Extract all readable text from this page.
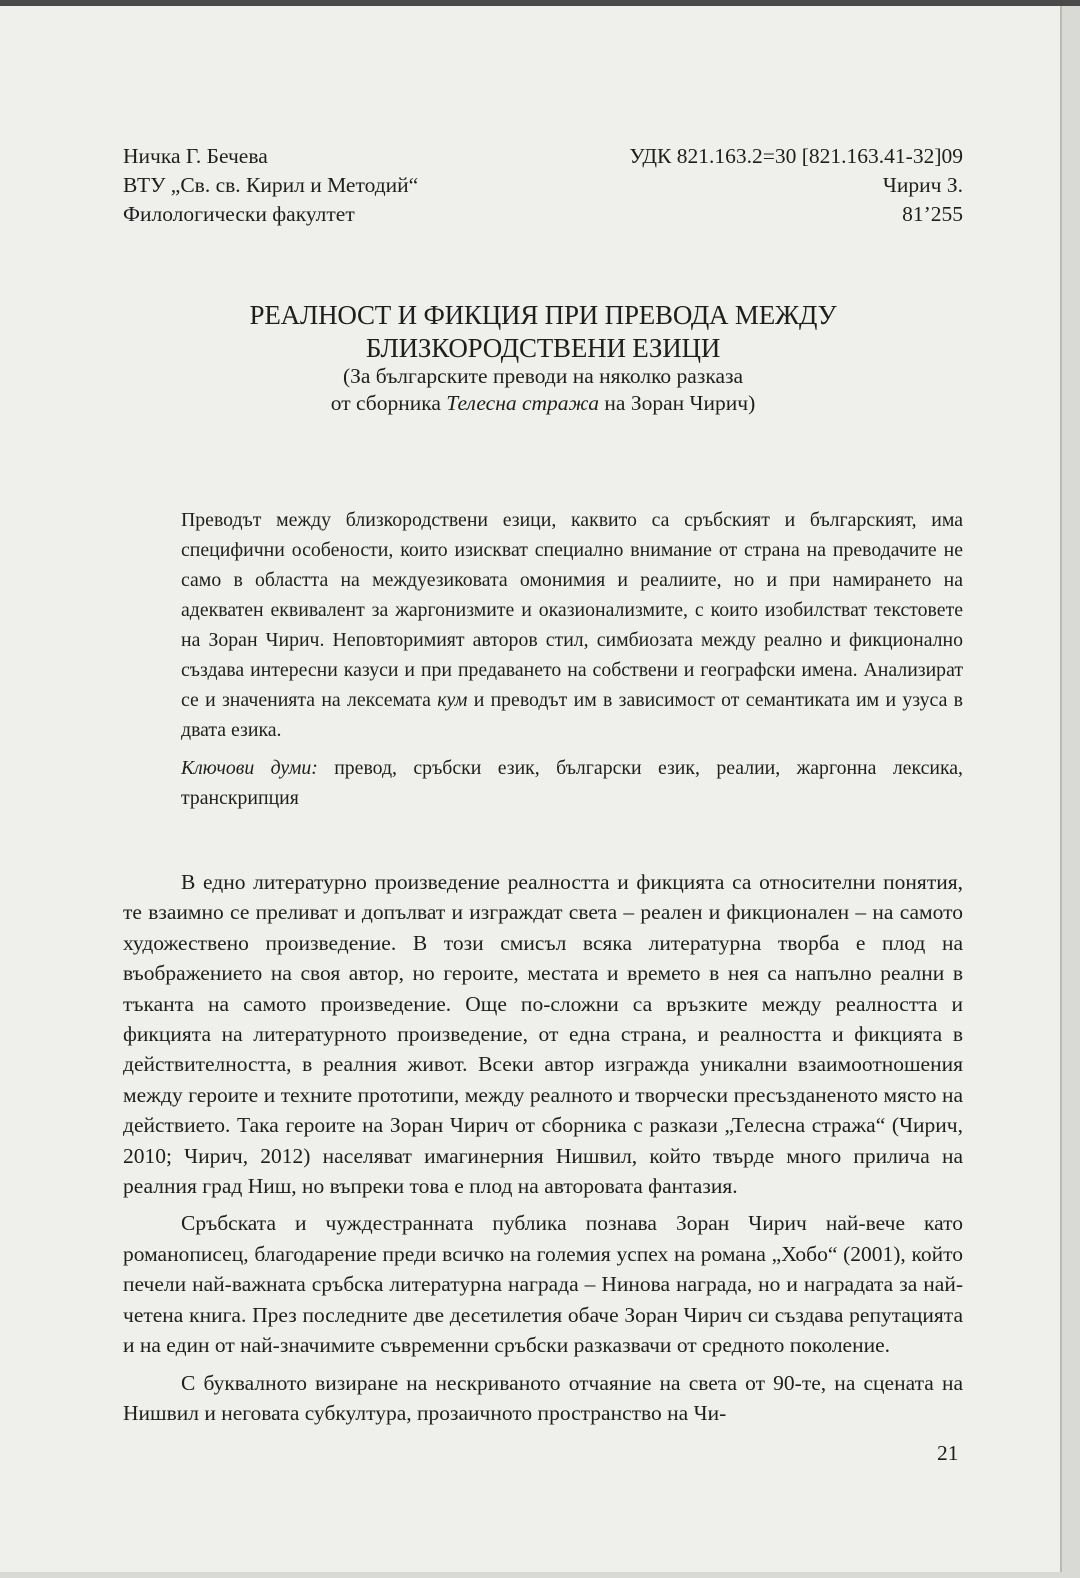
Ничка Г. Бечева	УДК 821.163.2=30 [821.163.41-32]09
ВТУ „Св. св. Кирил и Методий“	Чирич З.
Филологически факултет	81’255
РЕАЛНОСТ И ФИКЦИЯ ПРИ ПРЕВОДА МЕЖДУ
БЛИЗКОРОДСТВЕНИ ЕЗИЦИ
(За българските преводи на няколко разказа
от сборника Телесна стража на Зоран Чирич)

Преводът между близкородствени езици, каквито са сръбският и българският, има специфични особености, които изискват специално внимание от страна на преводачите не само в областта на междуезиковата омонимия и реалиите, но и при намирането на адекватен еквивалент за жаргонизмите и оказионализмите, с които изобилстват текстовете на Зоран Чирич. Неповторимият авторов стил, симбиозата между реално и фикционално създава интересни казуси и при предаването на собствени и географски имена. Анализират се и значенията на лексемата кум и преводът им в зависимост от семантиката им и узуса в двата езика.

Ключови думи: превод, сръбски език, български език, реалии, жаргонна лексика, транскрипция

В едно литературно произведение реалността и фикцията са относителни понятия, те взаимно се преливат и допълват и изграждат света – реален и фикционален – на самото художествено произведение. В този смисъл всяка литературна творба е плод на въображението на своя автор, но героите, местата и времето в нея са напълно реални в тъканта на самото произведение. Още по-сложни са връзките между реалността и фикцията на литературното произведение, от една страна, и реалността и фикцията в действителността, в реалния живот. Всеки автор изгражда уникални взаимоотношения между героите и техните прототипи, между реалното и творчески пресъзданеното място на действието. Така героите на Зоран Чирич от сборника с разкази „Телесна стража“ (Чирич, 2010; Чирич, 2012) населяват имагинерния Нишвил, който твърде много прилича на реалния град Ниш, но въпреки това е плод на авторовата фантазия.

Сръбската и чуждестранната публика познава Зоран Чирич най-вече като романописец, благодарение преди всичко на големия успех на романа „Хобо“ (2001), който печели най-важната сръбска литературна награда – Нинова награда, но и наградата за най-четена книга. През последните две десетилетия обаче Зоран Чирич си създава репутацията и на един от най-значимите съвременни сръбски разказвачи от средното поколение.

С буквалното визиране на нескриваното отчаяние на света от 90-те, на сцената на Нишвил и неговата субкултура, прозаичното пространство на Чи-

21
